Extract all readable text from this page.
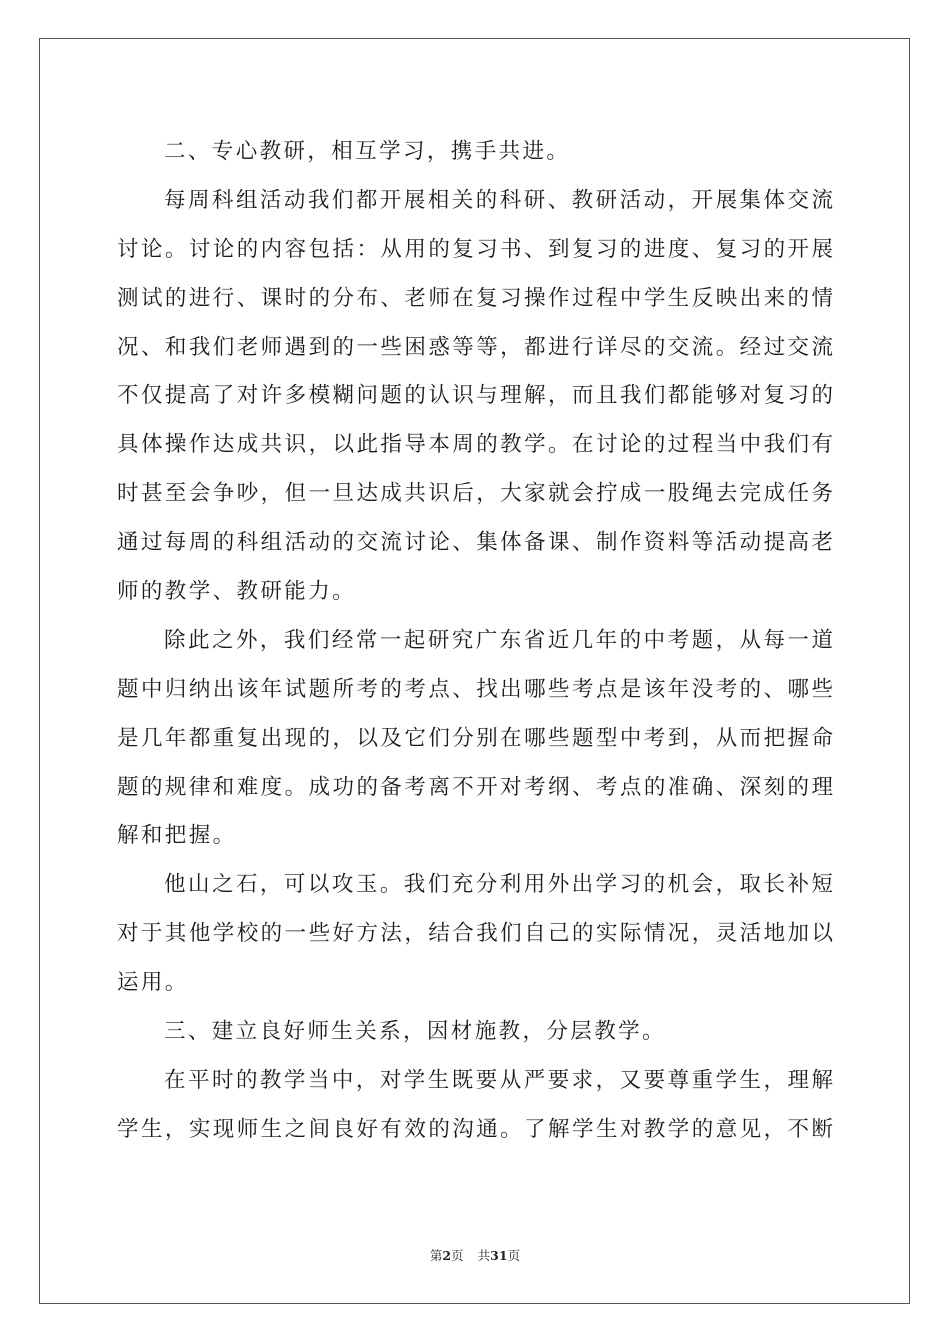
二、专心教研，相互学习，携手共进。
每周科组活动我们都开展相关的科研、教研活动，开展集体交流
讨论。讨论的内容包括：从用的复习书、到复习的进度、复习的开展
测试的进行、课时的分布、老师在复习操作过程中学生反映出来的情
况、和我们老师遇到的一些困惑等等，都进行详尽的交流。经过交流
不仅提高了对许多模糊问题的认识与理解，而且我们都能够对复习的
具体操作达成共识，以此指导本周的教学。在讨论的过程当中我们有
时甚至会争吵，但一旦达成共识后，大家就会拧成一股绳去完成任务
通过每周的科组活动的交流讨论、集体备课、制作资料等活动提高老
师的教学、教研能力。
除此之外，我们经常一起研究广东省近几年的中考题，从每一道
题中归纳出该年试题所考的考点、找出哪些考点是该年没考的、哪些
是几年都重复出现的，以及它们分别在哪些题型中考到，从而把握命
题的规律和难度。成功的备考离不开对考纲、考点的准确、深刻的理
解和把握。
他山之石，可以攻玉。我们充分利用外出学习的机会，取长补短
对于其他学校的一些好方法，结合我们自己的实际情况，灵活地加以
运用。
三、建立良好师生关系，因材施教，分层教学。
在平时的教学当中，对学生既要从严要求，又要尊重学生，理解
学生，实现师生之间良好有效的沟通。了解学生对教学的意见，不断
第2页 共31页
